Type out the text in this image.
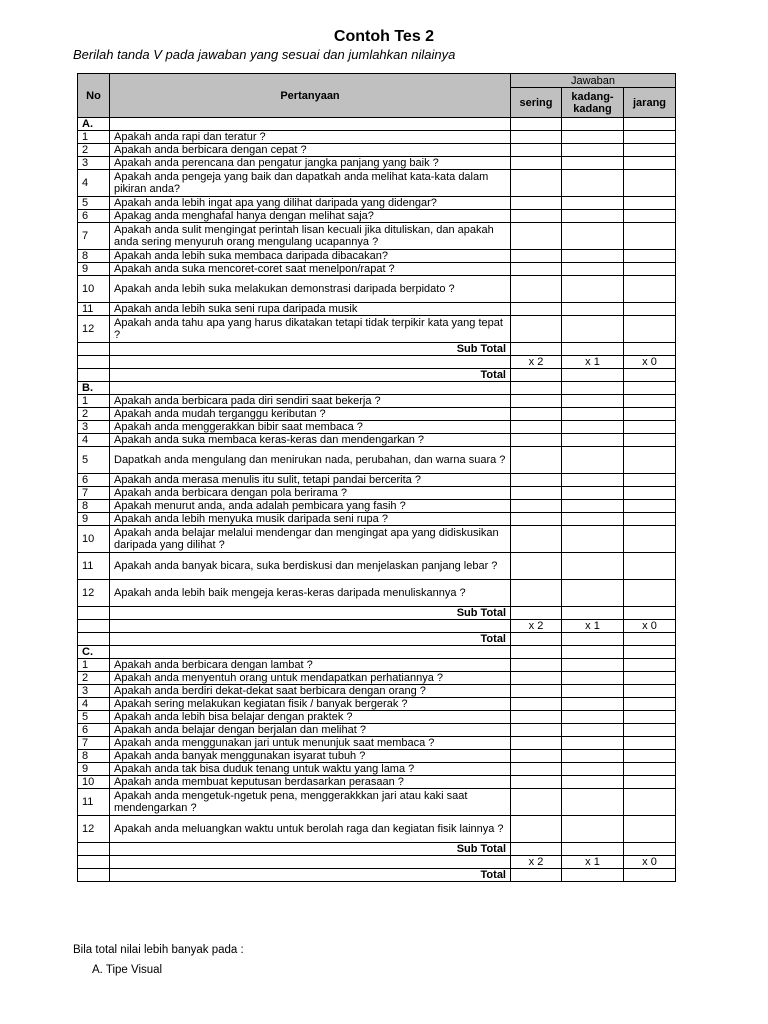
Contoh Tes 2
Berilah tanda V pada jawaban yang sesuai dan jumlahkan nilainya
No	Pertanyaan	Jawaban		
		sering	kadang-kadang	jarang
A.				
1	Apakah anda rapi dan teratur ?			
2	Apakah anda berbicara dengan cepat ?			
3	Apakah anda perencana dan pengatur jangka panjang yang baik ?			
4	Apakah anda pengeja yang baik dan dapatkah anda melihat kata-kata dalam pikiran anda?			
5	Apakah anda lebih ingat apa yang dilihat daripada yang didengar?			
6	Apakag anda menghafal hanya dengan melihat saja?			
7	Apakah anda sulit mengingat perintah lisan kecuali jika dituliskan, dan apakah anda sering menyuruh orang mengulang ucapannya ?			
8	Apakah anda lebih suka membaca daripada dibacakan?			
9	Apakah anda suka mencoret-coret saat menelpon/rapat ?			
10	Apakah anda lebih suka melakukan demonstrasi daripada berpidato ?			
11	Apakah anda lebih suka seni rupa daripada musik			
12	Apakah anda tahu apa yang harus dikatakan tetapi tidak terpikir kata yang tepat ?			
	Sub Total			
		x 2	x 1	x 0
	Total			
B.				
1	Apakah anda berbicara pada diri sendiri saat bekerja ?			
2	Apakah anda mudah terganggu keributan ?			
3	Apakah anda menggerakkan bibir saat membaca ?			
4	Apakah anda suka membaca keras-keras dan mendengarkan ?			
5	Dapatkah anda mengulang dan menirukan nada, perubahan, dan warna suara ?			
6	Apakah anda merasa menulis itu sulit, tetapi pandai bercerita ?			
7	Apakah anda berbicara dengan pola berirama ?			
8	Apakah menurut anda, anda adalah pembicara yang fasih ?			
9	Apakah anda lebih menyuka musik daripada seni rupa ?			
10	Apakah anda belajar melalui mendengar dan mengingat apa yang didiskusikan daripada yang dilihat ?			
11	Apakah anda banyak bicara, suka berdiskusi dan menjelaskan panjang lebar ?			
12	Apakah anda lebih baik mengeja keras-keras daripada menuliskannya ?			
	Sub Total			
		x 2	x 1	x 0
	Total			
C.				
1	Apakah anda berbicara dengan lambat ?			
2	Apakah anda menyentuh orang untuk mendapatkan perhatiannya ?			
3	Apakah anda berdiri dekat-dekat saat berbicara dengan orang ?			
4	Apakah sering melakukan kegiatan fisik / banyak bergerak ?			
5	Apakah anda lebih bisa belajar dengan praktek ?			
6	Apakah anda belajar dengan berjalan dan melihat ?			
7	Apakah anda menggunakan jari untuk menunjuk saat membaca ?			
8	Apakah anda banyak menggunakan isyarat tubuh ?			
9	Apakah anda tak bisa duduk tenang untuk waktu yang lama ?			
10	Apakah anda membuat keputusan berdasarkan perasaan ?			
11	Apakah anda mengetuk-ngetuk pena, menggerakkkan jari atau kaki saat mendengarkan ?			
12	Apakah anda meluangkan waktu untuk berolah raga dan kegiatan fisik lainnya ?			
	Sub Total			
		x 2	x 1	x 0
	Total			
Bila total nilai lebih banyak pada :
A. Tipe Visual
